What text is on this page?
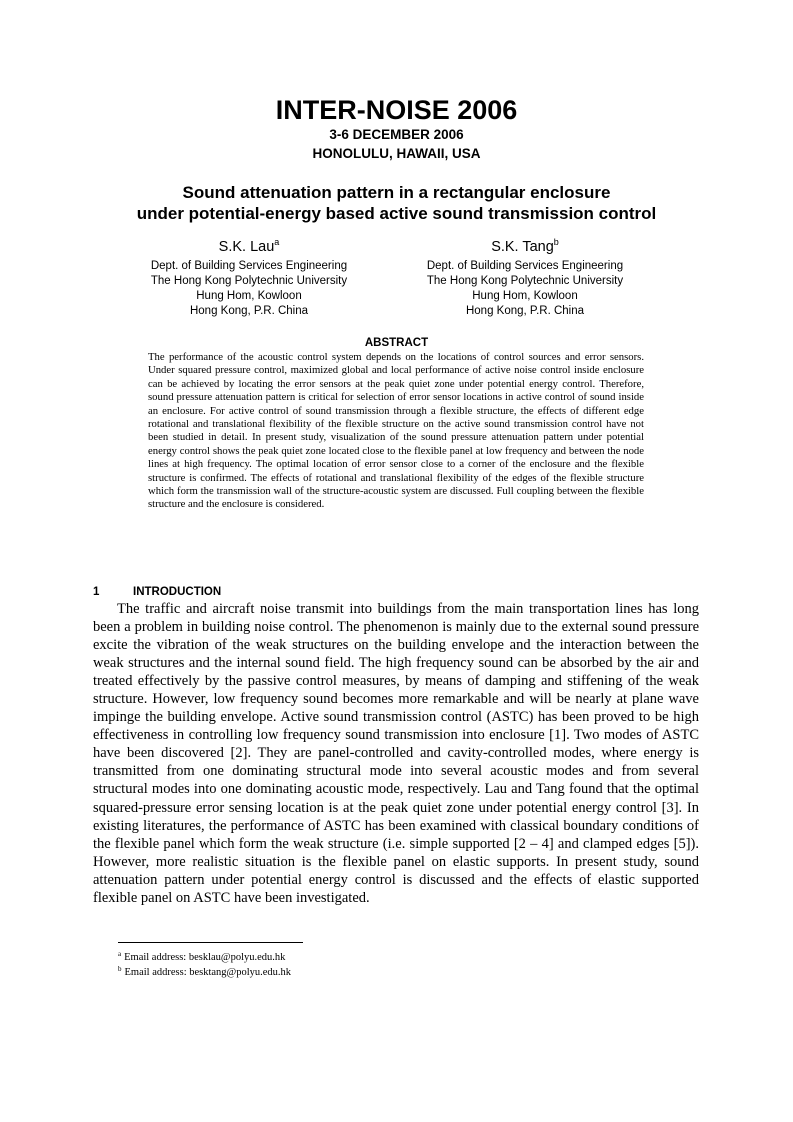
INTER-NOISE 2006
3-6 DECEMBER 2006
HONOLULU, HAWAII, USA
Sound attenuation pattern in a rectangular enclosure
under potential-energy based active sound transmission control
S.K. Lau$^a$
Dept. of Building Services Engineering
The Hong Kong Polytechnic University
Hung Hom, Kowloon
Hong Kong, P.R. China
S.K. Tang$^b$
Dept. of Building Services Engineering
The Hong Kong Polytechnic University
Hung Hom, Kowloon
Hong Kong, P.R. China
ABSTRACT
The performance of the acoustic control system depends on the locations of control sources and error sensors. Under squared pressure control, maximized global and local performance of active noise control inside enclosure can be achieved by locating the error sensors at the peak quiet zone under potential energy control. Therefore, sound pressure attenuation pattern is critical for selection of error sensor locations in active control of sound inside an enclosure. For active control of sound transmission through a flexible structure, the effects of different edge rotational and translational flexibility of the flexible structure on the active sound transmission control have not been studied in detail. In present study, visualization of the sound pressure attenuation pattern under potential energy control shows the peak quiet zone located close to the flexible panel at low frequency and between the node lines at high frequency. The optimal location of error sensor close to a corner of the enclosure and the flexible structure is confirmed. The effects of rotational and translational flexibility of the edges of the flexible structure which form the transmission wall of the structure-acoustic system are discussed. Full coupling between the flexible structure and the enclosure is considered.
1	INTRODUCTION
The traffic and aircraft noise transmit into buildings from the main transportation lines has long been a problem in building noise control. The phenomenon is mainly due to the external sound pressure excite the vibration of the weak structures on the building envelope and the interaction between the weak structures and the internal sound field. The high frequency sound can be absorbed by the air and treated effectively by the passive control measures, by means of damping and stiffening of the weak structure. However, low frequency sound becomes more remarkable and will be nearly at plane wave impinge the building envelope. Active sound transmission control (ASTC) has been proved to be high effectiveness in controlling low frequency sound transmission into enclosure [1]. Two modes of ASTC have been discovered [2]. They are panel-controlled and cavity-controlled modes, where energy is transmitted from one dominating structural mode into several acoustic modes and from several structural modes into one dominating acoustic mode, respectively. Lau and Tang found that the optimal squared-pressure error sensing location is at the peak quiet zone under potential energy control [3]. In existing literatures, the performance of ASTC has been examined with classical boundary conditions of the flexible panel which form the weak structure (i.e. simple supported [2 – 4] and clamped edges [5]). However, more realistic situation is the flexible panel on elastic supports. In present study, sound attenuation pattern under potential energy control is discussed and the effects of elastic supported flexible panel on ASTC have been investigated.
$^a$ Email address: besklau@polyu.edu.hk
$^b$ Email address: besktang@polyu.edu.hk
